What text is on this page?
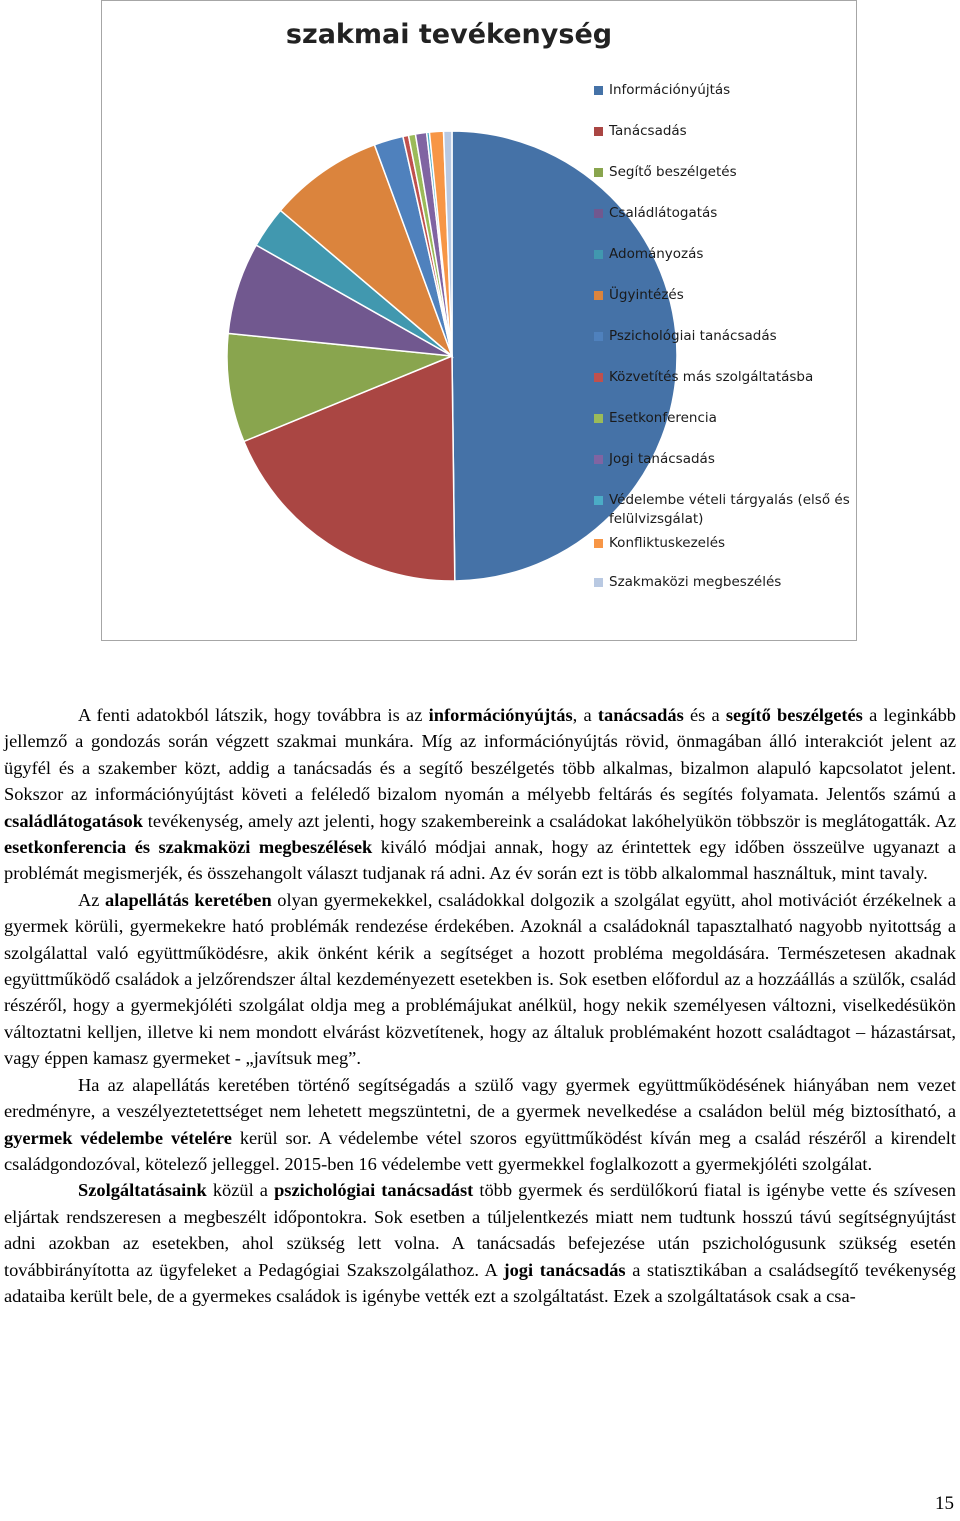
szakmai tevékenység
Információnyújtás
Tanácsadás
Segítő beszélgetés
Családlátogatás
Adományozás
Ügyintézés
Pszichológiai tanácsadás
Közvetítés más szolgáltatásba
Esetkonferencia
Jogi tanácsadás
Védelembe vételi tárgyalás (első és felülvizsgálat)
Konfliktuskezelés
Szakmaközi megbeszélés

A fenti adatokból látszik, hogy továbbra is az információnyújtás, a tanácsadás és a segítő beszélgetés a leginkább jellemző a gondozás során végzett szakmai munkára. Míg az információnyújtás rövid, önmagában álló interakciót jelent az ügyfél és a szakember közt, addig a tanácsadás és a segítő beszélgetés több alkalmas, bizalmon alapuló kapcsolatot jelent. Sokszor az információnyújtást követi a feléledő bizalom nyomán a mélyebb feltárás és segítés folyamata. Jelentős számú a családlátogatások tevékenység, amely azt jelenti, hogy szakembereink a családokat lakóhelyükön többször is meglátogatták. Az esetkonferencia és szakmaközi megbeszélések kiváló módjai annak, hogy az érintettek egy időben összeülve ugyanazt a problémát megismerjék, és összehangolt választ tudjanak rá adni. Az év során ezt is több alkalommal használtuk, mint tavaly.

Az alapellátás keretében olyan gyermekekkel, családokkal dolgozik a szolgálat együtt, ahol motivációt érzékelnek a gyermek körüli, gyermekekre ható problémák rendezése érdekében. Azoknál a családoknál tapasztalható nagyobb nyitottság a szolgálattal való együttműködésre, akik önként kérik a segítséget a hozott probléma megoldására. Természetesen akadnak együttműködő családok a jelzőrendszer által kezdeményezett esetekben is. Sok esetben előfordul az a hozzáállás a szülők, család részéről, hogy a gyermekjóléti szolgálat oldja meg a problémájukat anélkül, hogy nekik személyesen változni, viselkedésükön változtatni kelljen, illetve ki nem mondott elvárást közvetítenek, hogy az általuk problémaként hozott családtagot – házastársat, vagy éppen kamasz gyermeket - „javítsuk meg”.

Ha az alapellátás keretében történő segítségadás a szülő vagy gyermek együttműködésének hiányában nem vezet eredményre, a veszélyeztetettséget nem lehetett megszüntetni, de a gyermek nevelkedése a családon belül még biztosítható, a gyermek védelembe vételére kerül sor. A védelembe vétel szoros együttműködést kíván meg a család részéről a kirendelt családgondozóval, kötelező jelleggel. 2015-ben 16 védelembe vett gyermekkel foglalkozott a gyermekjóléti szolgálat.

Szolgáltatásaink közül a pszichológiai tanácsadást több gyermek és serdülőkorú fiatal is igénybe vette és szívesen eljártak rendszeresen a megbeszélt időpontokra. Sok esetben a túljelentkezés miatt nem tudtunk hosszú távú segítségnyújtást adni azokban az esetekben, ahol szükség lett volna. A tanácsadás befejezése után pszichológusunk szükség esetén továbbirányította az ügyfeleket a Pedagógiai Szakszolgálathoz. A jogi tanácsadás a statisztikában a családsegítő tevékenység adataiba került bele, de a gyermekes családok is igénybe vették ezt a szolgáltatást. Ezek a szolgáltatások csak a csa-

15
